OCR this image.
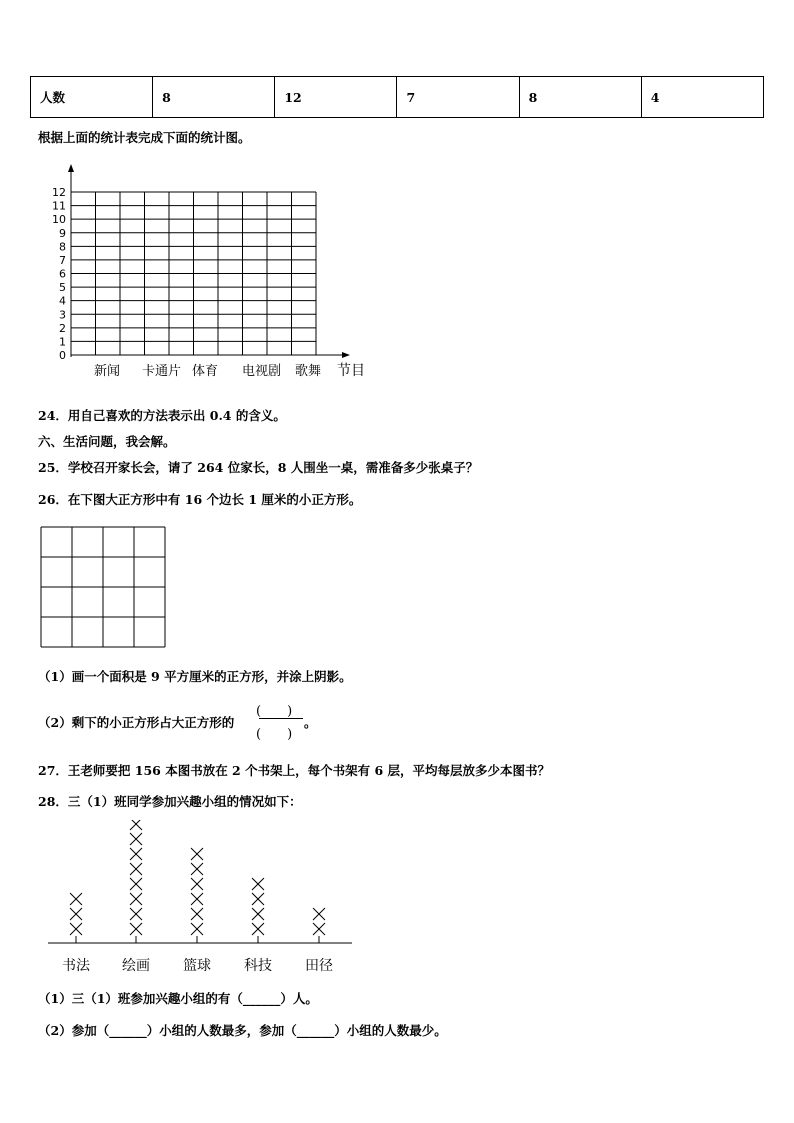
人数	8	12	7	8	4
根据上面的统计表完成下面的统计图。
0
1
2
3
4
5
6
7
8
9
10
11
12
新闻 卡通片 体育 电视剧 歌舞 节目
24．用自己喜欢的方法表示出 0.4 的含义。
六、生活问题，我会解。
25．学校召开家长会，请了 264 位家长，8 人围坐一桌，需准备多少张桌子？
26．在下图大正方形中有 16 个边长 1 厘米的小正方形。
（1）画一个面积是 9 平方厘米的正方形，并涂上阴影。
（2）剩下的小正方形占大正方形的
(　　)
(　　)
。
27．王老师要把 156 本图书放在 2 个书架上，每个书架有 6 层，平均每层放多少本图书？
28．三（1）班同学参加兴趣小组的情况如下：
书法 绘画 篮球 科技 田径
（1）三（1）班参加兴趣小组的有（______）人。
（2）参加（______）小组的人数最多，参加（______）小组的人数最少。
